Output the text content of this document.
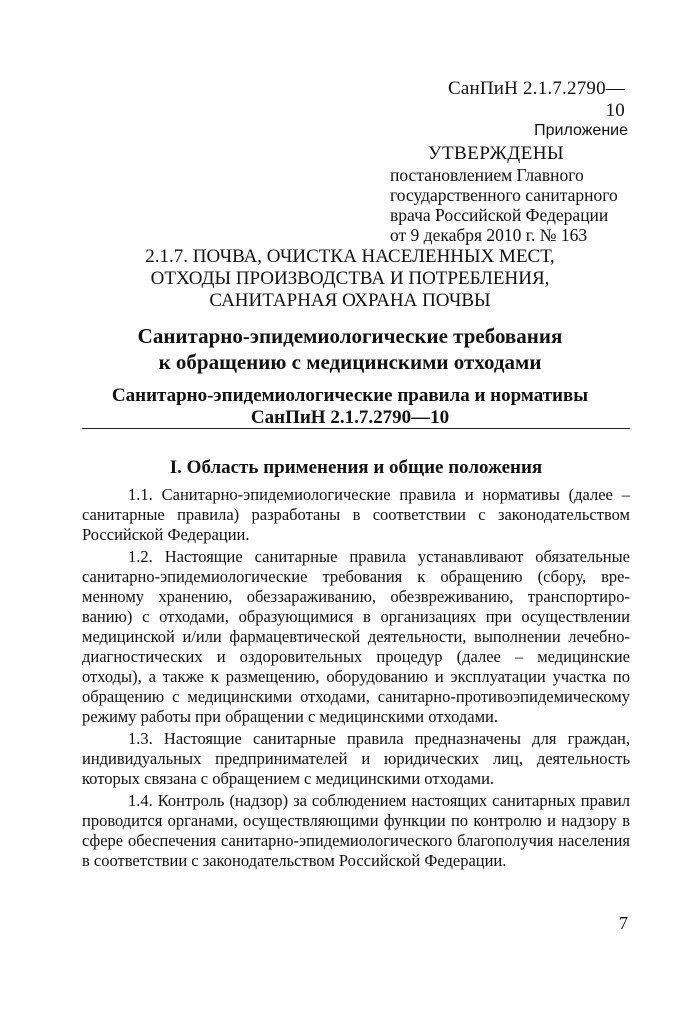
СанПиН 2.1.7.2790—10
Приложение
УТВЕРЖДЕНЫ
постановлением Главного
государственного санитарного
врача Российской Федерации
от 9 декабря 2010 г. № 163
2.1.7. ПОЧВА, ОЧИСТКА НАСЕЛЕННЫХ МЕСТ,
ОТХОДЫ ПРОИЗВОДСТВА И ПОТРЕБЛЕНИЯ,
САНИТАРНАЯ ОХРАНА ПОЧВЫ
Санитарно-эпидемиологические требования
к обращению с медицинскими отходами
Санитарно-эпидемиологические правила и нормативы
СанПиН 2.1.7.2790—10
I. Область применения и общие положения

1.1. Санитарно-эпидемиологические правила и нормативы (далее – санитарные правила) разработаны в соответствии с законодательством Российской Федерации.

1.2. Настоящие санитарные правила устанавливают обязательные санитарно-эпидемиологические требования к обращению (сбору, временному хранению, обеззараживанию, обезвреживанию, транспортированию) с отходами, образующимися в организациях при осуществлении медицинской и/или фармацевтической деятельности, выполнении лечебно-диагностических и оздоровительных процедур (далее – медицинские отходы), а также к размещению, оборудованию и эксплуатации участка по обращению с медицинскими отходами, санитарно-противоэпидемическому режиму работы при обращении с медицинскими отходами.

1.3. Настоящие санитарные правила предназначены для граждан, индивидуальных предпринимателей и юридических лиц, деятельность которых связана с обращением с медицинскими отходами.

1.4. Контроль (надзор) за соблюдением настоящих санитарных правил проводится органами, осуществляющими функции по контролю и надзору в сфере обеспечения санитарно-эпидемиологического благополучия населения в соответствии с законодательством Российской Федерации.

7
